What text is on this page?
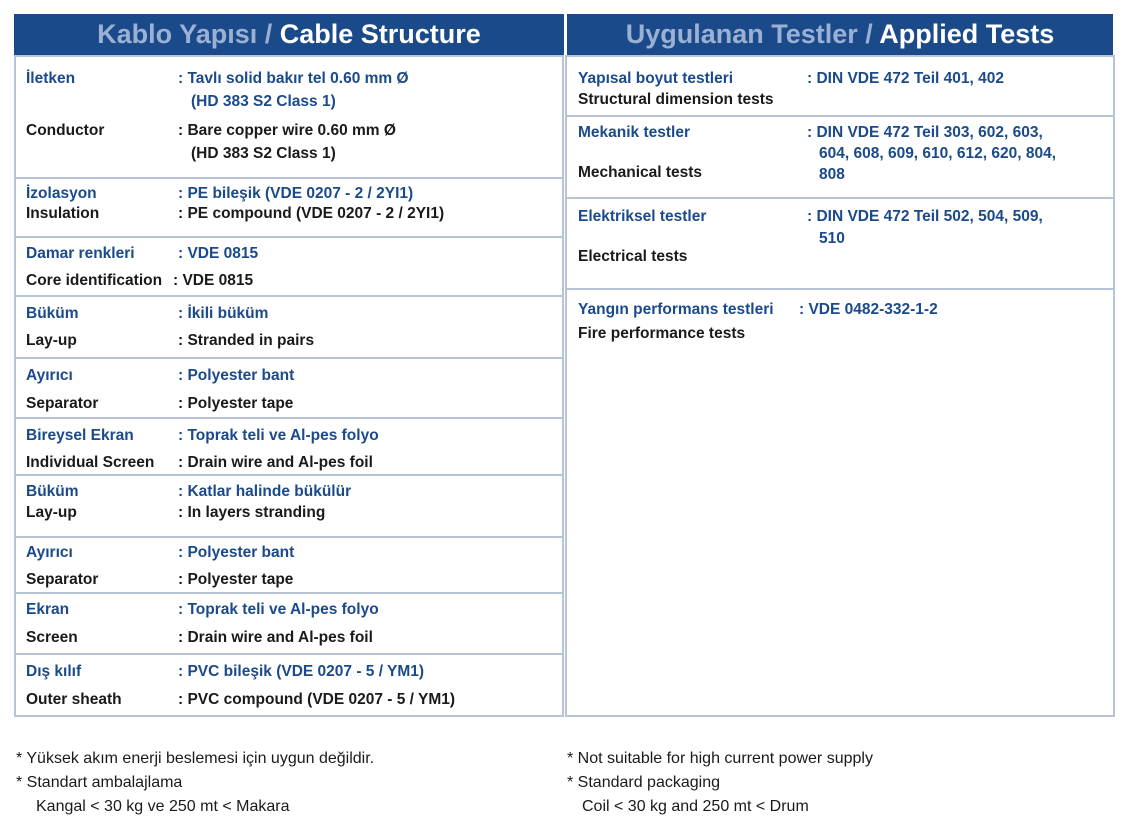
Kablo Yapısı / Cable Structure	Uygulanan Testler / Applied Tests
İletken	: Tavlı solid bakır tel 0.60 mm Ø
(HD 383 S2 Class 1)
Conductor	: Bare copper wire 0.60 mm Ø
(HD 383 S2 Class 1)
İzolasyon	: PE bileşik (VDE 0207 - 2 / 2YI1)
Insulation	: PE compound (VDE 0207 - 2 / 2YI1)
Damar renkleri	: VDE 0815
Core identification : VDE 0815
Büküm	: İkili büküm
Lay-up	: Stranded in pairs
Ayırıcı	: Polyester bant
Separator	: Polyester tape
Bireysel Ekran	: Toprak teli ve Al-pes folyo
Individual Screen : Drain wire and Al-pes foil
Büküm	: Katlar halinde bükülür
Lay-up	: In layers stranding
Ayırıcı	: Polyester bant
Separator	: Polyester tape
Ekran	: Toprak teli ve Al-pes folyo
Screen	: Drain wire and Al-pes foil
Dış kılıf	: PVC bileşik (VDE 0207 - 5 / YM1)
Outer sheath	: PVC compound (VDE 0207 - 5 / YM1)
Yapısal boyut testleri	: DIN VDE 472 Teil 401, 402
Structural dimension tests
Mekanik testler	: DIN VDE 472 Teil 303, 602, 603,
604, 608, 609, 610, 612, 620, 804,
808
Mechanical tests
Elektriksel testler	: DIN VDE 472 Teil 502, 504, 509,
510
Electrical tests
Yangın performans testleri : VDE 0482-332-1-2
Fire performance tests
* Yüksek akım enerji beslemesi için uygun değildir.
* Standart ambalajlama
Kangal < 30 kg ve 250 mt < Makara
* Not suitable for high current power supply
* Standard packaging
Coil < 30 kg and 250 mt < Drum
